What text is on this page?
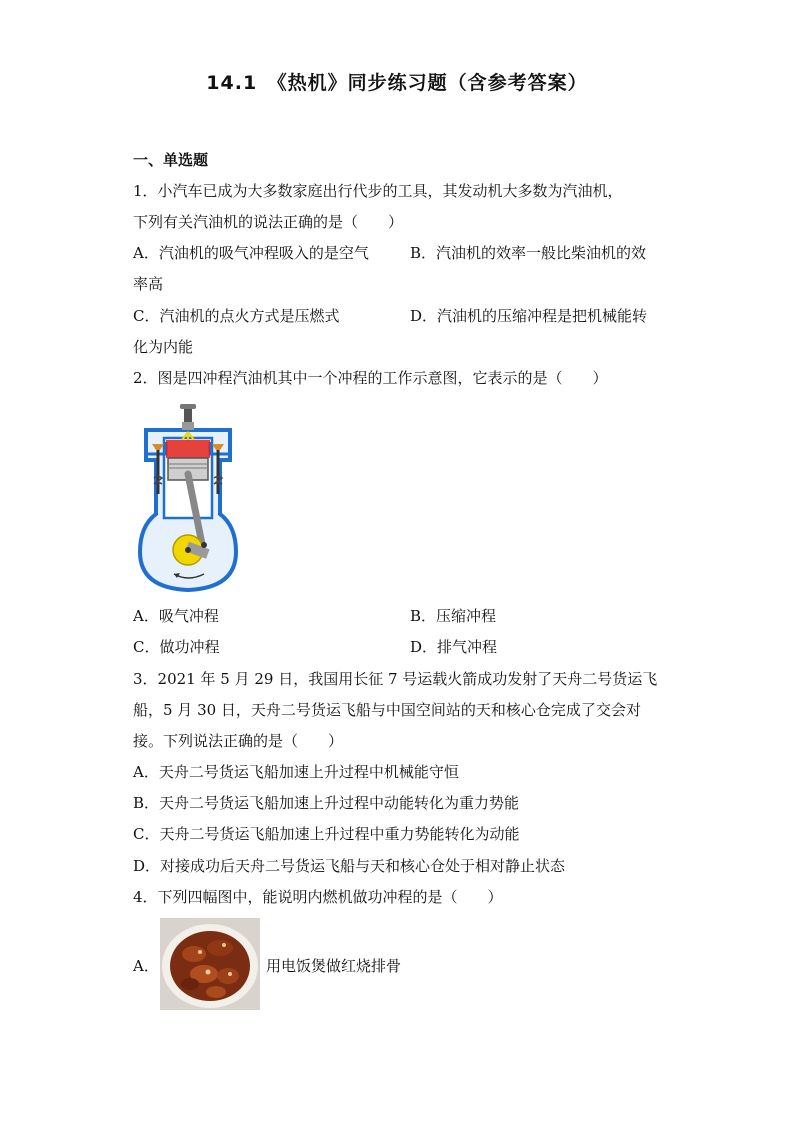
14.1　《热机》同步练习题（含参考答案）
一、单选题
1．小汽车已成为大多数家庭出行代步的工具，其发动机大多数为汽油机，
下列有关汽油机的说法正确的是（　　）
A．汽油机的吸气冲程吸入的是空气	B．汽油机的效率一般比柴油机的效
率高
C．汽油机的点火方式是压燃式	D．汽油机的压缩冲程是把机械能转
化为内能
2．图是四冲程汽油机其中一个冲程的工作示意图，它表示的是（　　）
A．吸气冲程	B．压缩冲程
C．做功冲程	D．排气冲程
3．2021 年 5 月 29 日，我国用长征 7 号运载火箭成功发射了天舟二号货运飞
船，5 月 30 日，天舟二号货运飞船与中国空间站的天和核心仓完成了交会对
接。下列说法正确的是（　　）
A．天舟二号货运飞船加速上升过程中机械能守恒
B．天舟二号货运飞船加速上升过程中动能转化为重力势能
C．天舟二号货运飞船加速上升过程中重力势能转化为动能
D．对接成功后天舟二号货运飞船与天和核心仓处于相对静止状态
4．下列四幅图中，能说明内燃机做功冲程的是（　　）
A．	用电饭煲做红烧排骨
